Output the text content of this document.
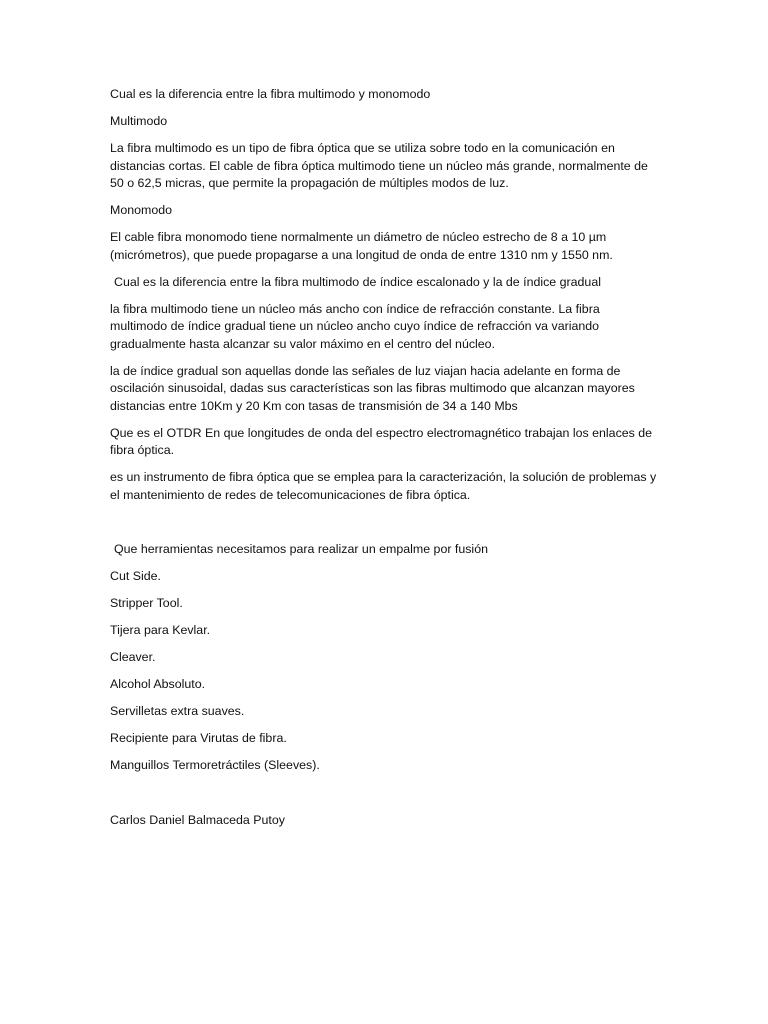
Cual es la diferencia entre la fibra multimodo y monomodo

Multimodo

La fibra multimodo es un tipo de fibra óptica que se utiliza sobre todo en la comunicación en distancias cortas. El cable de fibra óptica multimodo tiene un núcleo más grande, normalmente de 50 o 62,5 micras, que permite la propagación de múltiples modos de luz.

Monomodo

El cable fibra monomodo tiene normalmente un diámetro de núcleo estrecho de 8 a 10 µm (micrómetros), que puede propagarse a una longitud de onda de entre 1310 nm y 1550 nm.

Cual es la diferencia entre la fibra multimodo de índice escalonado y la de índice gradual

la fibra multimodo tiene un núcleo más ancho con índice de refracción constante. La fibra multimodo de índice gradual tiene un núcleo ancho cuyo índice de refracción va variando gradualmente hasta alcanzar su valor máximo en el centro del núcleo.

la de índice gradual son aquellas donde las señales de luz viajan hacia adelante en forma de oscilación sinusoidal, dadas sus características son las fibras multimodo que alcanzan mayores distancias entre 10Km y 20 Km con tasas de transmisión de 34 a 140 Mbs

Que es el OTDR En que longitudes de onda del espectro electromagnético trabajan los enlaces de fibra óptica.

es un instrumento de fibra óptica que se emplea para la caracterización, la solución de problemas y el mantenimiento de redes de telecomunicaciones de fibra óptica.

Que herramientas necesitamos para realizar un empalme por fusión

Cut Side.

Stripper Tool.

Tijera para Kevlar.

Cleaver.

Alcohol Absoluto.

Servilletas extra suaves.

Recipiente para Virutas de fibra.

Manguillos Termoretráctiles (Sleeves).

Carlos Daniel Balmaceda Putoy
